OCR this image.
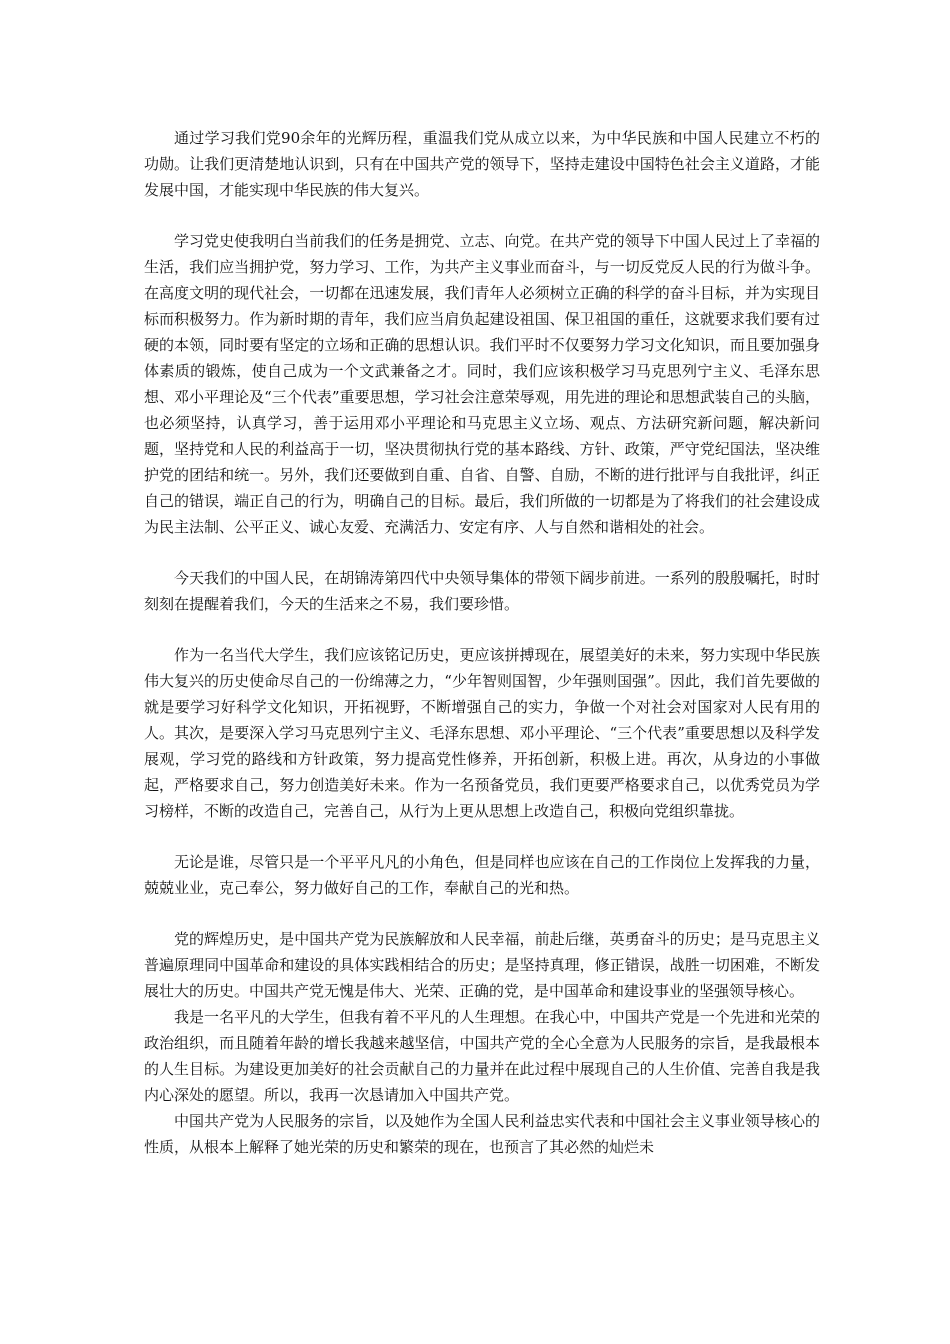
通过学习我们党90余年的光辉历程，重温我们党从成立以来，为中华民族和中国人民建立不朽的功勋。让我们更清楚地认识到，只有在中国共产党的领导下，坚持走建设中国特色社会主义道路，才能发展中国，才能实现中华民族的伟大复兴。

学习党史使我明白当前我们的任务是拥党、立志、向党。在共产党的领导下中国人民过上了幸福的生活，我们应当拥护党，努力学习、工作，为共产主义事业而奋斗，与一切反党反人民的行为做斗争。在高度文明的现代社会，一切都在迅速发展，我们青年人必须树立正确的科学的奋斗目标，并为实现目标而积极努力。作为新时期的青年，我们应当肩负起建设祖国、保卫祖国的重任，这就要求我们要有过硬的本领，同时要有坚定的立场和正确的思想认识。我们平时不仅要努力学习文化知识，而且要加强身体素质的锻炼，使自己成为一个文武兼备之才。同时，我们应该积极学习马克思列宁主义、毛泽东思想、邓小平理论及“三个代表”重要思想，学习社会注意荣辱观，用先进的理论和思想武装自己的头脑，也必须坚持，认真学习，善于运用邓小平理论和马克思主义立场、观点、方法研究新问题，解决新问题，坚持党和人民的利益高于一切，坚决贯彻执行党的基本路线、方针、政策，严守党纪国法，坚决维护党的团结和统一。另外，我们还要做到自重、自省、自警、自励，不断的进行批评与自我批评，纠正自己的错误，端正自己的行为，明确自己的目标。最后，我们所做的一切都是为了将我们的社会建设成为民主法制、公平正义、诚心友爱、充满活力、安定有序、人与自然和谐相处的社会。

今天我们的中国人民，在胡锦涛第四代中央领导集体的带领下阔步前进。一系列的殷殷嘱托，时时刻刻在提醒着我们，今天的生活来之不易，我们要珍惜。

作为一名当代大学生，我们应该铭记历史，更应该拼搏现在，展望美好的未来，努力实现中华民族伟大复兴的历史使命尽自己的一份绵薄之力，“少年智则国智，少年强则国强”。因此，我们首先要做的就是要学习好科学文化知识，开拓视野，不断增强自己的实力，争做一个对社会对国家对人民有用的人。其次，是要深入学习马克思列宁主义、毛泽东思想、邓小平理论、“三个代表”重要思想以及科学发展观，学习党的路线和方针政策，努力提高党性修养，开拓创新，积极上进。再次，从身边的小事做起，严格要求自己，努力创造美好未来。作为一名预备党员，我们更要严格要求自己，以优秀党员为学习榜样，不断的改造自己，完善自己，从行为上更从思想上改造自己，积极向党组织靠拢。

无论是谁，尽管只是一个平平凡凡的小角色，但是同样也应该在自己的工作岗位上发挥我的力量，兢兢业业，克己奉公，努力做好自己的工作，奉献自己的光和热。

党的辉煌历史，是中国共产党为民族解放和人民幸福，前赴后继，英勇奋斗的历史；是马克思主义普遍原理同中国革命和建设的具体实践相结合的历史；是坚持真理，修正错误，战胜一切困难，不断发展壮大的历史。中国共产党无愧是伟大、光荣、正确的党，是中国革命和建设事业的坚强领导核心。

我是一名平凡的大学生，但我有着不平凡的人生理想。在我心中，中国共产党是一个先进和光荣的政治组织，而且随着年龄的增长我越来越坚信，中国共产党的全心全意为人民服务的宗旨，是我最根本的人生目标。为建设更加美好的社会贡献自己的力量并在此过程中展现自己的人生价值、完善自我是我内心深处的愿望。所以，我再一次恳请加入中国共产党。

中国共产党为人民服务的宗旨，以及她作为全国人民利益忠实代表和中国社会主义事业领导核心的性质，从根本上解释了她光荣的历史和繁荣的现在，也预言了其必然的灿烂未
